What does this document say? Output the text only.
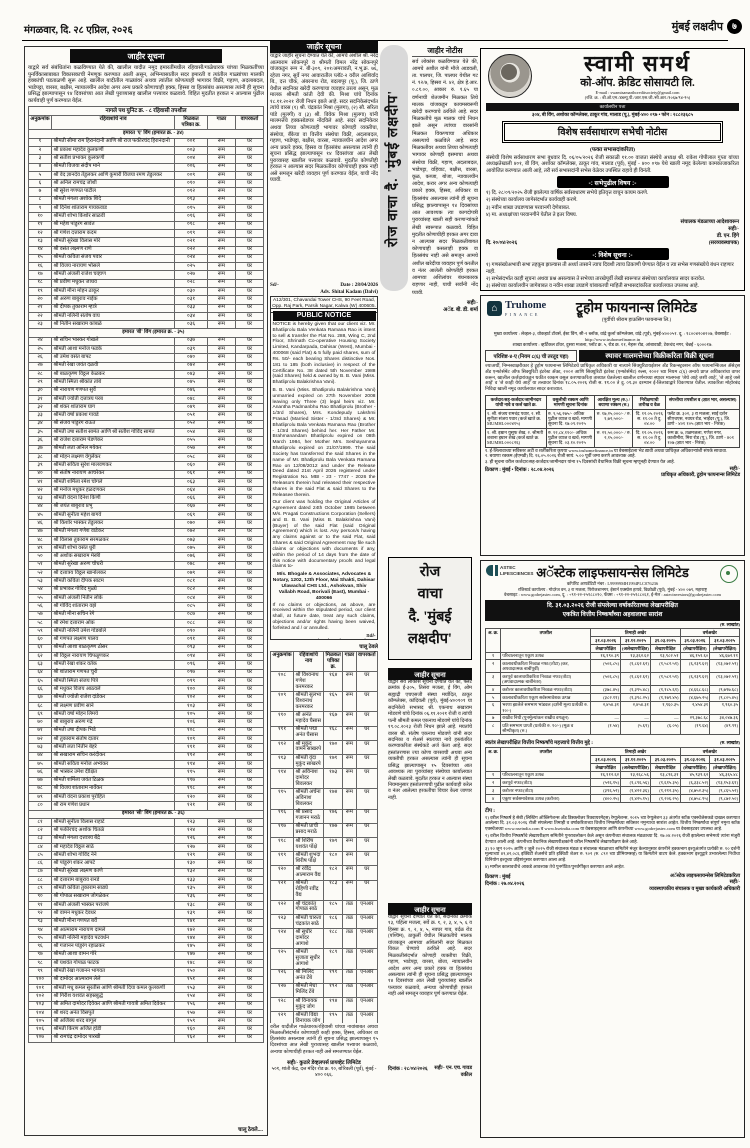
मंगळवार, दि. २८ एप्रिल, २०२६	मुंबई लक्षदीप	७
जाहीर सूचना

याद्वारे सर्व संबंधितांना कळविण्यात येते की, खालील यादीत नमूद इमारतींमधील रहिवासी/गाळेधारक यांच्या मिळकतींच्या पुनर्विकासाबाबत विकासकाची नेमणूक करण्यात आली असून, अभिन्यासातील सदर इमारती व त्यांतील गाळ्यांच्या मालकी हक्कांची पडताळणी सुरू आहे. खालील यादीतील गाळ्यांवर अथवा त्यांतील कोणत्याही भागावर विक्री, गहाण, अदलाबदल, भाडेपट्टा, वारसा, बक्षीस, न्यायालयीन आदेश अगर अन्य प्रकारे कोणाचाही हक्क, हिस्सा वा हितसंबंध असल्यास त्यांनी ही सूचना प्रसिद्ध झाल्यापासून १४ दिवसांच्या आत लेखी पुराव्यासह खालील पत्त्यावर कळवावे. विहित मुदतीत हरकत न आल्यास पुढील कार्यवाही पूर्ण करण्यात येईल.

नागले पथ युनिट क्र. - ८ रहिवासी तपशील				
अनुक्रमांक	रहिवाशांचे नाव	मिळकत पत्रिका क्र.	गाळा	वापरकर्ता
इमारत 'ए' विंग (इमारत क्र. - ३४)				
१	श्रीमती सीमा राम हिरानंदानी आणि श्री राज फकीरचंद हिरानंदानी	००१	रूम	घर
२	श्री प्रकाश महादेव कुलकर्णी	००३	रूम	घर
३	श्री सतीश प्रभाकर कुलकर्णी	००४	रूम	घर
४	श्रीमती विजया संदीप माने	००६	रूम	घर
५	श्री वेद ज्ञानदेव तेंडुलकर आणि कुमारी विजया रमण तेंडुलकर	००९	रूम	घर
६	श्री अनिल रामचंद्र जोशी	०१०	रूम	घर
७	श्री सुरेश गणपत पाटील	०१२	रूम	घर
८	श्रीमती मंगला अशोक शिंदे	०१३	रूम	घर
९	श्री दिनेश शांताराम गायकवाड	०१५	रूम	घर
१०	श्रीमती शोभा किशोर साळवी	०१६	रूम	घर
११	श्री महेश पांडुरंग सावंत	०१८	रूम	घर
१२	श्री गणेश दत्ताराम कदम	०१९	रूम	घर
१३	श्रीमती सुरेखा विलास मोरे	०२१	रूम	घर
१४	श्री वसंत लक्ष्मण राणे	०२२	रूम	घर
१५	श्रीमती कविता संजय पवार	०२४	रूम	घर
१६	श्री विजय नारायण भोसले	०२५	रूम	घर
१७	श्रीमती अंजली राजेश चव्हाण	०२७	रूम	घर
१८	श्री प्रवीण मधुकर जाधव	०२८	रूम	घर
१९	श्रीमती मीना मोहन ठाकूर	०३०	रूम	घर
२०	श्री अरुण बाबुराव नाईक	०३१	रूम	घर
२१	श्री दीपक तुकाराम म्हात्रे	०३३	रूम	घर
२२	श्रीमती नलिनी संतोष वाघ	०३४	रूम	घर
२३	श्री नितीन सखाराम कांबळे	०३६	रूम	घर
इमारत 'बी' विंग (इमारत क्र. - ३५)				
२४	श्री सचिन भास्कर गोखले	०३७	रूम	घर
२५	श्रीमती आशा मनोज फडके	०३९	रूम	घर
२६	श्री उमेश वसंत बापट	०४०	रूम	घर
२७	श्रीमती रेखा जयंत दळवी	०४२	रूम	घर
२८	श्री बाळकृष्ण विठ्ठल केळकर	०४३	रूम	घर
२९	श्रीमती स्मिता श्रीकांत तांबे	०४५	रूम	घर
३०	श्री नारायण गणपत सुर्वे	०४६	रूम	घर
३१	श्रीमती ज्योती दत्तात्रय परब	०४८	रूम	घर
३२	श्री शंकर शांताराम घाग	०४९	रूम	घर
३३	श्रीमती वर्षा प्रकाश गावडे	०५१	रूम	घर
३४	श्री संजय पांडुरंग राऊत	०५२	रूम	घर
३५	श्रीमती उषा सतीश सामंत आणि श्री सतीश गोविंद सामंत	०५४	रूम	घर
३६	श्री राजेश दत्ताराम पेडणेकर	०५५	रूम	घर
३७	श्रीमती लता अनिल मयेकर	०५७	रूम	घर
३८	श्री मोहन लक्ष्मण वेंगुर्लेकर	०५८	रूम	घर
३९	श्रीमती सविता सुरेश मालवणकर	०६०	रूम	घर
४०	श्री संतोष नारायण आचरेकर	०६१	रूम	घर
४१	श्रीमती शर्मिला रमेश चोगले	०६३	रूम	घर
४२	श्री मनोज मधुकर हळदणकर	०६४	रूम	घर
४३	श्रीमती वंदना दिनेश किणी	०६६	रूम	घर
४४	श्री जयंत बाबुराव प्रभू	०६७	रूम	घर
४५	श्रीमती सुनीता महेश बागवे	०६९	रूम	घर
४६	श्री किशोर भास्कर तेंडुलकर	०७०	रूम	घर
४७	श्रीमती मंगला गणेश वाडेकर	०७२	रूम	घर
४८	श्री विलास तुकाराम सरमळकर	०७३	रूम	घर
४९	श्रीमती शोभा वसंत धुरी	०७५	रूम	घर
५०	श्री अशोक सखाराम मेस्त्री	०७६	रूम	घर
५१	श्रीमती सुरेखा अरुण चौधरी	०७८	रूम	घर
५२	श्री दत्तात्रय विठ्ठल खानोलकर	०७९	रूम	घर
५३	श्रीमती कविता दीपक साटम	०८१	रूम	घर
५४	श्री प्रभाकर गोविंद मुळ्ये	०८२	रूम	घर
५५	श्रीमती अंजली नितीन लोके	०८४	रूम	घर
५६	श्री गोविंद शांताराम वझे	०८५	रूम	घर
५७	श्रीमती मीना सचिन रेगे	०८७	रूम	घर
५८	श्री रमेश दत्ताराम ओक	०८८	रूम	घर
५९	श्रीमती नलिनी उमेश गोडबोले	०९०	रूम	घर
६०	श्री गणपत लक्ष्मण पालव	०९१	रूम	घर
६१	श्रीमती आशा बाळकृष्ण ठोसर	०९३	रूम	घर
६२	श्री विठ्ठल नारायण चिपळूणकर	०९४	रूम	घर
६३	श्रीमती रेखा शंकर वर्तक	०९६	रूम	घर
६४	श्री शांताराम गणपत चुरी	०९७	रूम	घर
६५	श्रीमती स्मिता संजय पित्रे	०९९	रूम	घर
६६	श्री मधुकर विजय आठवले	१००	रूम	घर
६७	श्रीमती ज्योती राजेश दांडेकर	१०२	रूम	घर
६८	श्री लक्ष्मण प्रवीण साने	१०३	रूम	घर
६९	श्रीमती वर्षा मोहन लिमये	१०५	रूम	घर
७०	श्री बाबुराव अरुण गद्रे	१०६	रूम	घर
७१	श्रीमती उषा दीपक भिडे	१०८	रूम	घर
७२	श्री तुकाराम संतोष दातार	१०९	रूम	घर
७३	श्रीमती लता नितीन बेहरे	१११	रूम	घर
७४	श्री सखाराम सचिन करंदीकर	११२	रूम	घर
७५	श्रीमती सविता मनोज अभ्यंकर	११४	रूम	घर
७६	श्री भास्कर उमेश दीक्षित	११५	रूम	घर
७७	श्रीमती शर्मिला जयंत टिळक	११७	रूम	घर
७८	श्री विजय शांताराम नार्वेकर	११८	रूम	घर
७९	श्रीमती वंदना प्रकाश पुरोहित	१२०	रूम	घर
८०	श्री राम गणेश प्रधान	१२१	रूम	घर
इमारत 'सी' विंग (इमारत क्र. - ३६)				
८१	श्रीमती सुनीता विलास राहाटे	१२३	रूम	घर
८२	श्री फकीरचंद अशोक चितळे	१२४	रूम	घर
८३	श्रीमती मंगला दत्तात्रय बेंद्रे	१२६	रूम	घर
८४	श्री महादेव विठ्ठल साठे	१२७	रूम	घर
८५	श्रीमती शोभा गोविंद नेने	१२९	रूम	घर
८६	श्री पांडुरंग शंकर आपटे	१३०	रूम	घर
८७	श्रीमती सुरेखा लक्ष्मण काणे	१३२	रूम	घर
८८	श्री दत्ताराम बाबुराव रानडे	१३३	रूम	घर
८९	श्रीमती कविता तुकाराम साठ्ये	१३५	रूम	घर
९०	श्री गोपाळ सखाराम जोगळेकर	१३६	रूम	घर
९१	श्रीमती अंजली भास्कर परांजपे	१३८	रूम	घर
९२	श्री वामन मधुकर देवधर	१३९	रूम	घर
९३	श्रीमती मीना गणपत बर्वे	१४१	रूम	घर
९४	श्री आत्माराम नारायण दामले	१४२	रूम	घर
९५	श्रीमती नलिनी महादेव पटवर्धन	१४४	रूम	घर
९६	श्री गजानन पांडुरंग रहाळकर	१४५	रूम	घर
९७	श्रीमती आशा वामन गोरे	१४७	रूम	घर
९८	श्री यशवंत गोपाळ फाटक	१४८	रूम	घर
९९	श्रीमती रेखा गजानन भागवत	१५०	रूम	घर
१००	श्री दामोदर आत्माराम लेले	१५१	रूम	घर
१०१	श्रीमती मधू कमल सुरतीस आणि श्रीमती दिया कमल कुलकर्णी	१५३	रूम	घर
१०२	श्री गिरीश यशवंत सहस्रबुद्धे	१५४	रूम	घर
१०३	श्री अमित दामोदर दिवेकर आणि श्रीमती गायत्री अमित दिवेकर	१५६	रूम	घर
१०४	श्री शरद अनंत विसपुते	१५७	रूम	घर
१०५	श्री अजिंक्य शरद बागूल	१५९	रूम	घर
१०६	श्रीमती किरण अजित होडी	१६०	रूम	घर
१०७	श्री रामचंद्र दामोदर पारखी	१६२	रूम	घर
चालू ठेवले....
जाहीर सूचना
याद्वारे जाहीर सूचना देण्यात येते की, आमचे अशील श्री. नरेंद्र आत्माराम सोकनपुरे व श्रीमती विमल नरेंद्र सोकनपुरे यांजकडून रूम नं. बी-३०९, २०१/अमरावती, न.भू.क्र. ७६, रहेजा नगर, सुर्वे नगर आवारातील प्लॉट-२ वरील आशिर्वाद बि., दत्त चौक, अंबरनाथ रोड, बदलापूर (पू.), जि. ठाणे येथील सदनिका खरेदी करण्याचा व्यवहार ठरला असून, मूळ मालक श्रीमती कांती देवी की. मिश्रा यांचे दिनांक १८.११.२०२१ रोजी निधन झाले आहे. सदर सदनिकेसंदर्भात त्यांचे वारस (१) श्री. चंद्रकांत मिश्रा (मुलगा), (२) सौ. सरिता पांडे (मुलगी) व (३) श्री. विवेक मिश्रा (मुलगा) यांनी मालमत्तेचे हक्कसोडपत्र नोंदविले आहे. सदर सदनिकेवर अथवा तिच्या कोणत्याही भागावर कोणाही व्यक्तीचा, संस्थेचा, बँकेचा वा वित्तीय संस्थेचा विक्री, अदलाबदल, गहाण, भाडेपट्टा, बक्षीस, वारसा, न्यायालयीन आदेश अगर अन्य प्रकारे हक्क, हिस्सा वा हितसंबंध असल्यास त्यांनी ही सूचना प्रसिद्ध झाल्यापासून १४ दिवसांच्या आत लेखी पुराव्यासह खालील पत्त्यावर कळवावे. मुदतीत कोणतीही हरकत न आल्यास सदर मिळकतीवर कोणाचाही हक्क नाही असे समजून खरेदी व्यवहार पूर्ण करण्यात येईल, याची नोंद घ्यावी.
Sd/-	Date : 28/04/2026
Adv. Shital Kadam (Dalvi)
A12/301, Chavandai Tower CHS, 90 Feet Road, Opp. Raj Park, Parsik Nagar, Kalwa (W) 400605.
PUBLIC NOTICE

NOTICE is hereby given that our client viz. Mr. Bhatliprolu Bala Venkata Ramana Rao is intent to sell & transfer the Flat No. 288, Wing C, 2nd Floor, Shrinath Co-operative Housing Society Limited, Kandarpada, Dahisar (West), Mumbai - 400068 (said Flat) & 5 fully paid shares, sum of Rs. 50/- each bearing Shares distinctive Nos. 181 to 185 (both inclusive) in respect of the Certificate No. 38 dated 5th November 1988 (said Shares) held & owned by B. B. Vani (Miss. Bhatliprolu Balakrishna Vani).

B. B. Vani (Miss. Bhatliprolu Balakrishna Vani) unmarried expired on 27th November 2008 leaving only Three (3) legal heirs viz. Mr. Anantha Padmanbhu Rao Bhatliprolu (Brother - 1/3rd Shares), Mrs. Kondepudy Lakshmi Prasad (Married Sister - 1/3rd Shares) & Mr. Bhatliprolu Bala Venkata Ramana Rao (Brother - 1/3rd Shares) behind her. Her Father Mr. Brahmanandam Bhatliprolu expired on 08th March 1984, her Mother Mrs. Seshayamma Bhatliprolu expired on 21/07/1999. The said Society has transferred the said Shares in the name of Mr. Bhatliprolu Bala Venkata Ramana Rao on 12/08/2012 and under the Release Deed dated 21st April 2026 registered under Registration No. MBI - 23 - 7747 - 2026 the Releasors therein had released their respective shares in the said Flat & said Shares to the Releasee therein.

Our client was holding the Original Articles of Agreement dated 24th October 1985 between M/s. Pragati Constructions Corporation (Sellers) and B. B. Vani (Miss B. Balakrishna Vani) (Buyer) of the said Flat (said Original Agreement) which is lost. Any person/s having any claims against or to the said Flat, said Shares & said Original Agreement may file such claims or objections with documents if any, within the period of 14 days from the date of this notice with documentary proofs and legal claims to-

M/s. Bhogale & Associates, Advocates & Notary, 1202, 12th Floor, Mai Shakti, Dahisar Ulawachal CHS Ltd., Ashokvan, Shiv Vallabh Road, Borivali (East), Mumbai - 400066

If no claims or objections, as above, are received within the stipulated period, our client shall, at future date, treat any such claims, objections and/or rights having been waived, forfeited and / or annulled.

Sd/-
चालू ठेवले
अनुक्रमांक	रहिवाशांचे नाव	मिळकत पत्रिका क्र.	गाळा	वापरकर्ता
१०८	श्री विश्वनाथ गणेश करमरकर	१६४	रूम	घर
१०९	श्रीमती सुलभा विश्वनाथ करमरकर	१६५	रूम	घर
११०	श्री अनंत महादेव घैसास	१६७	रूम	घर
१११	श्रीमती पद्मा अनंत घैसास	१६८	रूम	घर
११२	श्री मुकुंद वामन साखरपे	१७०	रूम	घर
११३	श्रीमती वृंदा मुकुंद साखरपे	१७१	रूम	घर
११४	श्री अविनाश दामोदर बिवलकर	१७३	रूम	घर
११५	श्रीमती अर्चना अविनाश बिवलकर	१७४	रूम	घर
११६	श्री प्रसाद गजानन मराठे	१७६	रूम	घर
११७	श्रीमती प्राची प्रसाद मराठे	१७७	रूम	घर
११८	श्री शिरीष यशवंत पोंक्षे	१७९	रूम	घर
११९	श्रीमती शुभदा शिरीष पोंक्षे	१८०	रूम	घर
१२०	श्री रवींद्र आत्माराम वैद्य	१८२	रूम	घर
१२१	श्रीमती रोहिणी रवींद्र वैद्य	१८३	रूम	घर
१२२	श्री चंद्रकांत गोपाळ साठे	१८५	तळ	एनआर
१२३	श्रीमती चारुता चंद्रकांत साठे	१८६	तळ	एनआर
१२४	श्री सुधीर दामोदर आगाशे	१८८	तळ	एनआर
१२५	श्रीमती सुजाता सुधीर आगाशे	१८९	तळ	एनआर
१२६	श्री मिलिंद अनंत टेंबे	१९१	तळ	एनआर
१२७	श्रीमती मेधा मिलिंद टेंबे	१९२	तळ	एनआर
१२८	श्री विनायक मुकुंद जोग	१९४	तळ	एनआर
१२९	श्रीमती विद्या विनायक जोग	१९५	तळ	एनआर

वरील यादीतील गाळेधारक/रहिवासी यांच्या नावांबाबत अथवा मिळकतींसंदर्भात कोणाचाही काही हक्क, हिस्सा, अधिकार वा हितसंबंध असल्यास त्यांनी ही सूचना प्रसिद्ध झाल्यापासून १५ दिवसांच्या आत लेखी पुराव्यासह खालील पत्त्यावर कळवावे, अन्यथा कोणाचीही हरकत नाही असे समजण्यात येईल.
सही/- कुठारे डेव्हलपर्स प्रायव्हेट लिमिटेड
५०१, शांती केंद्र, दत्त मंदिर रोड क्र. १०, बोरिवली (पूर्व), मुंबई - ४०० ०६६.
रोज वाचा दै. 'मुंबई लक्षदीप'
जाहीर नोटीस
सर्व लोकांस कळविण्यात येते की, आमचे अशील यांनी मौजे आडवली, ता. पालघर, जि. पालघर येथील गट नं. ९२/७, हिस्सा नं. ४२, क्षेत्र हे.आर. ०.८१.००, आकार रु. १.६५ या वर्णनाची शेतजमीन मिळकत तिचे मालक यांजकडून कायमस्वरूपी खरेदी करण्याचे ठरविले आहे. सदर मिळकतीचे मूळ मालक यांचे निधन झाले असून त्यांच्या वारसांनी मिळकत विकण्याचा अधिकार असल्याचे कळविले आहे. सदर मिळकतीवर अथवा तिच्या कोणत्याही भागावर कोणाही इसमाचा अथवा संस्थेचा विक्री, गहाण, अदलाबदल, भाडेपट्टा, वहिवाट, बक्षीस, वारसा, कूळ, कब्जा, बोजा, न्यायालयीन आदेश, करार अगर अन्य कोणत्याही प्रकारे हक्क, हिस्सा, अधिकार वा हितसंबंध असल्यास त्यांनी ही सूचना प्रसिद्ध झाल्यापासून १४ दिवसांच्या आत आवश्यक त्या कागदोपत्री पुराव्यांसह खाली सही करणाऱ्यांकडे लेखी स्वरूपात कळवावे. विहित मुदतीत कोणाचीही हरकत अगर दावा न आल्यास सदर मिळकतीबाबत कोणाचाही कसलाही हक्क वा हितसंबंध नाही असे समजून आमचे अशील खरेदीचा व्यवहार पूर्ण करतील व नंतर आलेली कोणतीही हरकत आमच्या अशिलांवर बंधनकारक राहणार नाही, याची सर्वांनी नोंद घ्यावी.
सही/-
अॅड. बी. डी. शर्मा
रोज
वाचा
दै. 'मुंबई
लक्षदीप'
जाहीर सूचना
याद्वारे सर्व लोकांस सूचना देण्यात येते की, फ्लॅट क्रमांक ई-३०५, तिसरा मजला, ई विंग, ओम सह्याद्री एचएसजी संस्था मर्यादित, ठाकूर कॉम्प्लेक्स, कांदिवली (पूर्व), मुंबई-४००१०१ या सदनिकेचे सभासद श्री. एकनाथ सखाराम मोडवणे यांचे दिनांक ०६.११.२०२१ रोजी व त्यांची पत्नी श्रीमती कमल एकनाथ मोडवणे यांचे दिनांक १९.०८.२०२३ रोजी निधन झाले आहे. मयतांचे वारस श्री. संतोष एकनाथ मोडवणे यांनी सदर सदनिका व शेअर्स स्वतःच्या नावे हस्तांतरित करण्याकरिता संस्थेकडे अर्ज केला आहे. सदर हस्तांतरणास ज्या कोणा वारसाची अथवा अन्य व्यक्तीची हरकत असल्यास त्यांनी ही सूचना प्रसिद्ध झाल्यापासून १५ दिवसांच्या आत आवश्यक त्या पुराव्यांसह संस्थेच्या कार्यालयात लेखी कळवावे. मुदतीत हरकत न आल्यास संस्था नियमानुसार हस्तांतरणाची पुढील कार्यवाही करेल व नंतर आलेल्या हरकतीचा विचार केला जाणार नाही.
जाहीर सूचना
याद्वारे सूचना देण्यात येते की, सदनिका क्रमांक १३, पहिला मजला, सर्वे क्र. १, २, ३, ४, ५, ६ व हिस्सा क्र. १, २, ४, ५, नवघर गाव, वर्दळ रोड (पश्चिम), ठाकुर्ली येथील मिळकतीचे मालक यांजकडून आमच्या अशिलांनी सदर मिळकत विकत घेण्याचे ठरविले आहे. सदर मिळकतीसंदर्भात कोणाही व्यक्तीचा विक्री, गहाण, भाडेपट्टा, वारसा, बोजा, न्यायालयीन आदेश अगर अन्य प्रकारे हक्क वा हितसंबंध असल्यास त्यांनी ही सूचना प्रसिद्ध झाल्यापासून १४ दिवसांच्या आत लेखी पुराव्यांसह खालील पत्त्यावर कळवावे, अन्यथा कोणाचीही हरकत नाही असे समजून व्यवहार पूर्ण करण्यात येईल.
दिनांक : २८/०४/२०२६ सही/- एन. एच. गावड
वकील
स्वामी समर्थ
को-ऑप. क्रेडिट सोसायटी लि.
E-mail : swamisamarthcreditsociety@gmail.com
(रजि. क्र. : बी.ओ.एम./डब्ल्यू.पी./आर.एस.जी./सी.आर./१०६७/९४-९५)
कार्यालयीन पत्ता
३०४, बी विंग, अशोका कॉम्प्लेक्स, ठाकूर गांव, मालाड (पू.), मुंबई-४०० ०९७ • फोन : २८८२३६८५
विशेष सर्वसाधारण सभेची नोटीस
(फक्त सभासदांकरिता)
संस्थेची विशेष सर्वसाधारण सभा बुधवार दि. ०६/०५/२०२६ रोजी सकाळी ११.०० वाजता संस्थेचे अध्यक्ष श्री. राकेश गोपीलाल गुप्ता यांच्या अध्यक्षतेखाली ४०१, बी विंग, अशोका कॉम्प्लेक्स, ठाकूर गांव, मालाड (पूर्व), मुंबई - ४०० ०९७ येथे खाली नमूद केलेल्या कामकाजाकरिता आयोजित करण्यात आली आहे, तरी सर्व सभासदांनी सभेस वेळेवर उपस्थित राहावे ही विनंती.
-: सभेपुढील विषय :-
१) दि. २८/०९/२०२५ रोजी झालेल्या वार्षिक सर्वसाधारण सभेचे इतिवृत्त वाचून कायम करणे.
२) संस्थेच्या कार्यालय जागेसंदर्भात कार्यवाही करणे.
३) नवीन शाखा उघडण्यास परवानगी देणेबाबत.
४) मा. अध्यक्षांच्या परवानगीने येतील ते इतर विषय.
दि. २०/०४/२०२६
संचालक मंडळाच्या आदेशावरून
सही/-
डी. एन. हिंगे
(सरव्यवस्थापक)
-: विशेष सूचना :-
१) गणसंख्येअभावी सभा तहकूब झाल्यास ती अर्ध्या तासाने त्याच दिवशी त्याच ठिकाणी घेण्यात येईल व त्या सभेस गणसंख्येचे बंधन राहणार नाही.
२) सभेसंदर्भात काही सूचना अथवा प्रश्न असल्यास ते सभेच्या तारखेपूर्वी लेखी स्वरूपात संस्थेच्या कार्यालयात सादर करावेत.
३) संस्थेच्या कार्यालयीन जागेबाबत व नवीन शाखा उघडणे यांबाबतची माहिती सभासदांकरिता कार्यालयात उपलब्ध आहे.
⌂ Truhome
FINANCE	ट्रूहोम फायनान्स लिमिटेड
(पूर्वीची श्रीराम हाऊसिंग फायनान्स लि.)
मुख्य कार्यालय : लेव्हल-३, वोकहार्ट टॉवर्स, ईस्ट विंग, सी-२ ब्लॉक, वांद्रे कुर्ला कॉम्प्लेक्स, वांद्रे (पूर्व), मुंबई-४०००५१. दू. : १८००४२०४२०७, वेबसाईट : http://www.truhomefinance.in
शाखा कार्यालय : व्हर्टिकल टॉवर, दुसरा मजला, प्लॉट क्र. ५, रोड क्र. ११, नेहरू रोड, आंबावाडी, टेकचंद नगर, चेन्नई - ६०००१७.
परिशिष्ट-४-ए (नियम ८(६) ची तरतूद पहा)	स्थावर मालमत्तेच्या विक्रीकरिता विक्री सूचना
ज्याअर्थी, निम्नस्वाक्षरीकार हे ट्रूहोम फायनान्स लिमिटेडचे प्राधिकृत अधिकारी या नात्याने सिक्युरिटायझेशन अँड रिकन्स्ट्रक्शन ऑफ फायनान्शिअल ॲसेट्स अँड एन्फोर्समेंट ऑफ सिक्युरिटी इंटरेस्ट ॲक्ट, २००२ आणि सिक्युरिटी इंटरेस्ट (एन्फोर्समेंट) रुल्स, २००२ च्या नियम ८(६) अन्वये प्राप्त अधिकारांचा वापर करून, खालील कर्जदारांकडून थकीत रक्कम वसूल करण्याकरिता ताब्यात घेतलेल्या खालील वर्णनाच्या स्थावर मालमत्ता 'जेथे आहे जशी आहे', 'जे आहे जसे आहे' व 'जे काही येथे आहे' या तत्त्वावर दिनांक १८.०५.२०२६ रोजी स. ११.०० ते दु. ०१.३० दरम्यान ई-लिलावाद्वारे विकण्यात येतील. त्याकरिता मोहोरबंद निविदा खाली नमूद कार्यालयात सादर कराव्यात.
कर्जदार/सह-कर्जदार/जामीनदार यांची नावे व कर्ज खाते क्र.	वसुलीची रक्कम आणि मागणी सूचना दिनांक	आरक्षित मूल्य (रु.) / बयाणा रक्कम (रु.)	निरीक्षणाची तारीख व वेळ	संपत्तीचा तपशील व (ज्ञात भार, असल्यास)
१. श्री. संजय रामचंद्र पवार, २. सौ. सुनीता संजय पवार (कर्ज खाते क्र. MUMHL०००४१५)	रु. ९,५६,२७५/- अधिक पुढील व्याज व खर्च; मागणी सूचना दि. १७.०९.२०२५	रु. १७,२५,०००/- / रु. १,७२,५००/-	दि. १२.०५.२०२६ स. ११.०० ते दु. ०४.००	फ्लॅट क्र. ३०२, ३ रा मजला, साई दर्शन सीएचएस, नवघर रोड, भाईंदर (पू.), जि. ठाणे - ४०१ १०५ (ज्ञात भार - निरंक)
१. श्री. इम्रान युसूफ शेख, २. श्रीमती शबाना इम्रान शेख (कर्ज खाते क्र. MUMHL०००८२६)	रु. १२,८४,११०/- अधिक पुढील व्याज व खर्च; मागणी सूचना दि. ०३.१०.२०२५	रु. २१,५०,०००/- / रु. २,१५,०००/-	दि. १२.०५.२०२६ स. ११.०० ते दु. ०४.००	रूम क्र. ७, तळमजला, गणेश नगर, काशीमीरा, मिरा रोड (पू.), जि. ठाणे - ४०१ १०७ (ज्ञात भार - निरंक)
१. ई-लिलावाच्या सविस्तर अटी व शर्तींकरिता कृपया www.truhomefinance.in या वेबसाईटला भेट द्यावी अथवा प्राधिकृत अधिकाऱ्यांशी संपर्क साधावा.
२. बयाणा रक्कम (ईएमडी) दि. १६.०५.२०२६ रोजी सायं. ५.०० पूर्वी जमा करणे आवश्यक आहे.
३. ही सूचना वरील कर्जदार/सह-कर्जदार/जामीनदार यांना १५ दिवसांची वैधानिक विक्री सूचना म्हणूनही देण्यात येत आहे.
ठिकाण : मुंबई • दिनांक : २८.०४.२०२६	सही/-
प्राधिकृत अधिकारी, ट्रूहोम फायनान्स लिमिटेड
ASTEC
LIFESCIENCES अॅस्टेक लाइफसायन्सेस लिमिटेड
कॉर्पोरेट आयडेंटिटी नंबर : L99999MH1994PLC076236
रजिस्टर्ड कार्यालय : गोदरेज वन, ३ रा मजला, पिरोजशानगर, ईस्टर्न एक्स्प्रेस हायवे, विक्रोळी (पूर्व), मुंबई - ४०० ०७९, महाराष्ट्र
वेबसाइट : www.godrejastec.com, दू. : +९१-२२-२५१८८०१०, फॅक्स : +९१-२२-२५१८८०६१, ई-मेल : astecinvestors@godrejastec.com
दि. ३१.०३.२०२६ रोजी संपलेल्या वर्षाकरिताच्या लेखापरीक्षित
एकत्रित वित्तीय निष्कर्षांच्या अहवालाचा सारांश
(रु. लाखांत)
अ. क्र.	तपशील	तिमाही अखेर			वर्षअखेर	
		३१.०३.२०२६	३१.१२.२०२५	३१.०३.२०२५	३१.०३.२०२६	३१.०३.२०२५
		लेखापरीक्षित	(अलेखापरीक्षित)	लेखापरीक्षित	(लेखापरीक्षित)	(लेखापरीक्षित)
१	परिचालनातून एकूण उत्पन्न	१६,१९०.३९	१३,३६२.६२	१३,९८२.५१	४६,१५१.६०	४६,६७२.११
२	कालावधीकरिता निव्वळ नफा/(तोटा) (कर, अपवादात्मक बाबींपूर्वी)	(५०६.८५)	(१,८६२.६२)	(१,५८२.५१)	(६,२३९.६२)	(१३,०७२.५९)
३	करपूर्व कालावधीकरिता निव्वळ नफा/(तोटा) (अपवादात्मक बाबींनंतर)	(५०६.८५)	(१,८६२.६२)	(१,५८२.५१)	(६,२३९.६२)	(१३,०७२.५९)
४	करोत्तर कालावधीकरिता निव्वळ नफा/(तोटा)	(३७८.४५)	(१,३९५.४८)	(१,१८५.६१)	(४,६६८.६८)	(९,७९७.६८)
५	कालावधीकरिता एकूण सर्वसमावेशक उत्पन्न	(३८२.११)	(१,३९८.२५)	(१,१७९.४५)	(४,६७५.२५)	(९,८०५.४५)
६	भरणा झालेले समभाग भांडवल (दर्शनी मूल्य प्रत्येकी रु. १०/-)	२,४५४.३१	२,४५४.३१	१,९६०.३५	२,४५४.३१	१,९६०.३५
७	राखीव निधी (पुनर्मूल्यांकन राखीव वगळून)	—	—	—	२९,३७८.६८	३४,०४७.३६
८	प्रति समभाग प्राप्ती (प्रत्येकी रु. १०/-) (मूळ व सौम्यीकृत) (रु.)	(१.५४)	(५.६९)	(६.०५)	(१९.६४)	(४९.९९)
स्वतंत्र लेखापरीक्षित वित्तीय निष्कर्षांचे महत्त्वाचे वित्तीय मुद्दे :	(रु. लाखांत)
अ. क्र.	तपशील	तिमाही अखेर			वर्षअखेर	
		३१.०३.२०२६	३१.१२.२०२५	३१.०३.२०२५	३१.०३.२०२६	३१.०३.२०२५
		लेखापरीक्षित	(अलेखापरीक्षित)	लेखापरीक्षित	(लेखापरीक्षित)	(लेखापरीक्षित)
१	परिचालनातून एकूण उत्पन्न	१६,११२.६२	१३,२६८.५६	१३,८९६.३१	४५,९३९.६२	४६,३६५.४८
२	करपूर्व नफा/(तोटा)	(५२६.१५)	(१,८९६.५६)	(१,६१५.३५)	(६,३३८.५२)	(१३,१५३.६१)
३	करोत्तर नफा/(तोटा)	(३९६.५२)	(१,४२२.३६)	(१,२१२.३५)	(४,७५२.३५)	(९,८६५.५२)
४	एकूण सर्वसमावेशक उत्पन्न (करोत्तर)	(४००.२५)	(१,४२५.१५)	(१,२०६.२५)	(४,७५८.९५)	(९,८७२.५०)
टीप :
१) वरील निष्कर्ष हे सेबी (लिस्टिंग ऑब्लिगेशन्स अँड डिस्क्लोजर रिक्वायरमेंट्स) रेग्युलेशन्स, २०१५ च्या रेग्युलेशन ३३ अंतर्गत स्टॉक एक्स्चेंजेसकडे दाखल करण्यात आलेल्या दि. ३१.०३.२०२६ रोजी संपलेल्या तिमाही व वर्षाकरिताच्या वित्तीय निष्कर्षांच्या सविस्तर नमुन्याचा सारांश आहेत. वित्तीय निष्कर्षांचा संपूर्ण नमुना स्टॉक एक्स्चेंजच्या www.nseindia.com व www.bseindia.com या वेबसाइट्सवर आणि कंपनीच्या www.godrejastec.com या वेबसाइटवर उपलब्ध आहे.
२) वरील वित्तीय निष्कर्षांचे लेखापरीक्षण समितीने पुनरावलोकन केले असून कंपनीच्या संचालक मंडळाच्या दि. २७.०४.२०२६ रोजी झालेल्या सभेमध्ये त्यांना मंजुरी देण्यात आली आहे. कंपनीच्या वैधानिक लेखापरीक्षकांनी वरील निष्कर्षांचे लेखापरीक्षण केले आहे.
३) १० जून २०२५ आणि २ जुलै २०२५ रोजी संचालक मंडळ व संचालक मंडळाच्या समितीने मंजूर केल्यानुसार कंपनीने हक्कभाग इश्यूअंतर्गत प्रत्येकी रु. १० दर्शनी मूल्याच्या ४९,४२,०८६ इक्विटी शेअर्सचे प्रति इक्विटी शेअर रु. ९०२ (रु. ८९२ च्या प्रीमियमसह) या किमतीने वाटप केले. हक्कभाग इश्यूद्वारे उभारलेल्या निधीचा विनियोग इश्यूच्या उद्दिष्टांनुसार करण्यात आला आहे.
४) मागील कालावधीचे आकडे आवश्यक तेथे पुनर्गठित/पुनर्वर्गीकृत करण्यात आले आहेत.
ठिकाण : मुंबई
दिनांक : २७.०४.२०२६
अॅस्टेक लाइफसायन्सेस लिमिटेडकरिता
सही/-
व्यवस्थापकीय संचालक व मुख्य कार्यकारी अधिकारी
